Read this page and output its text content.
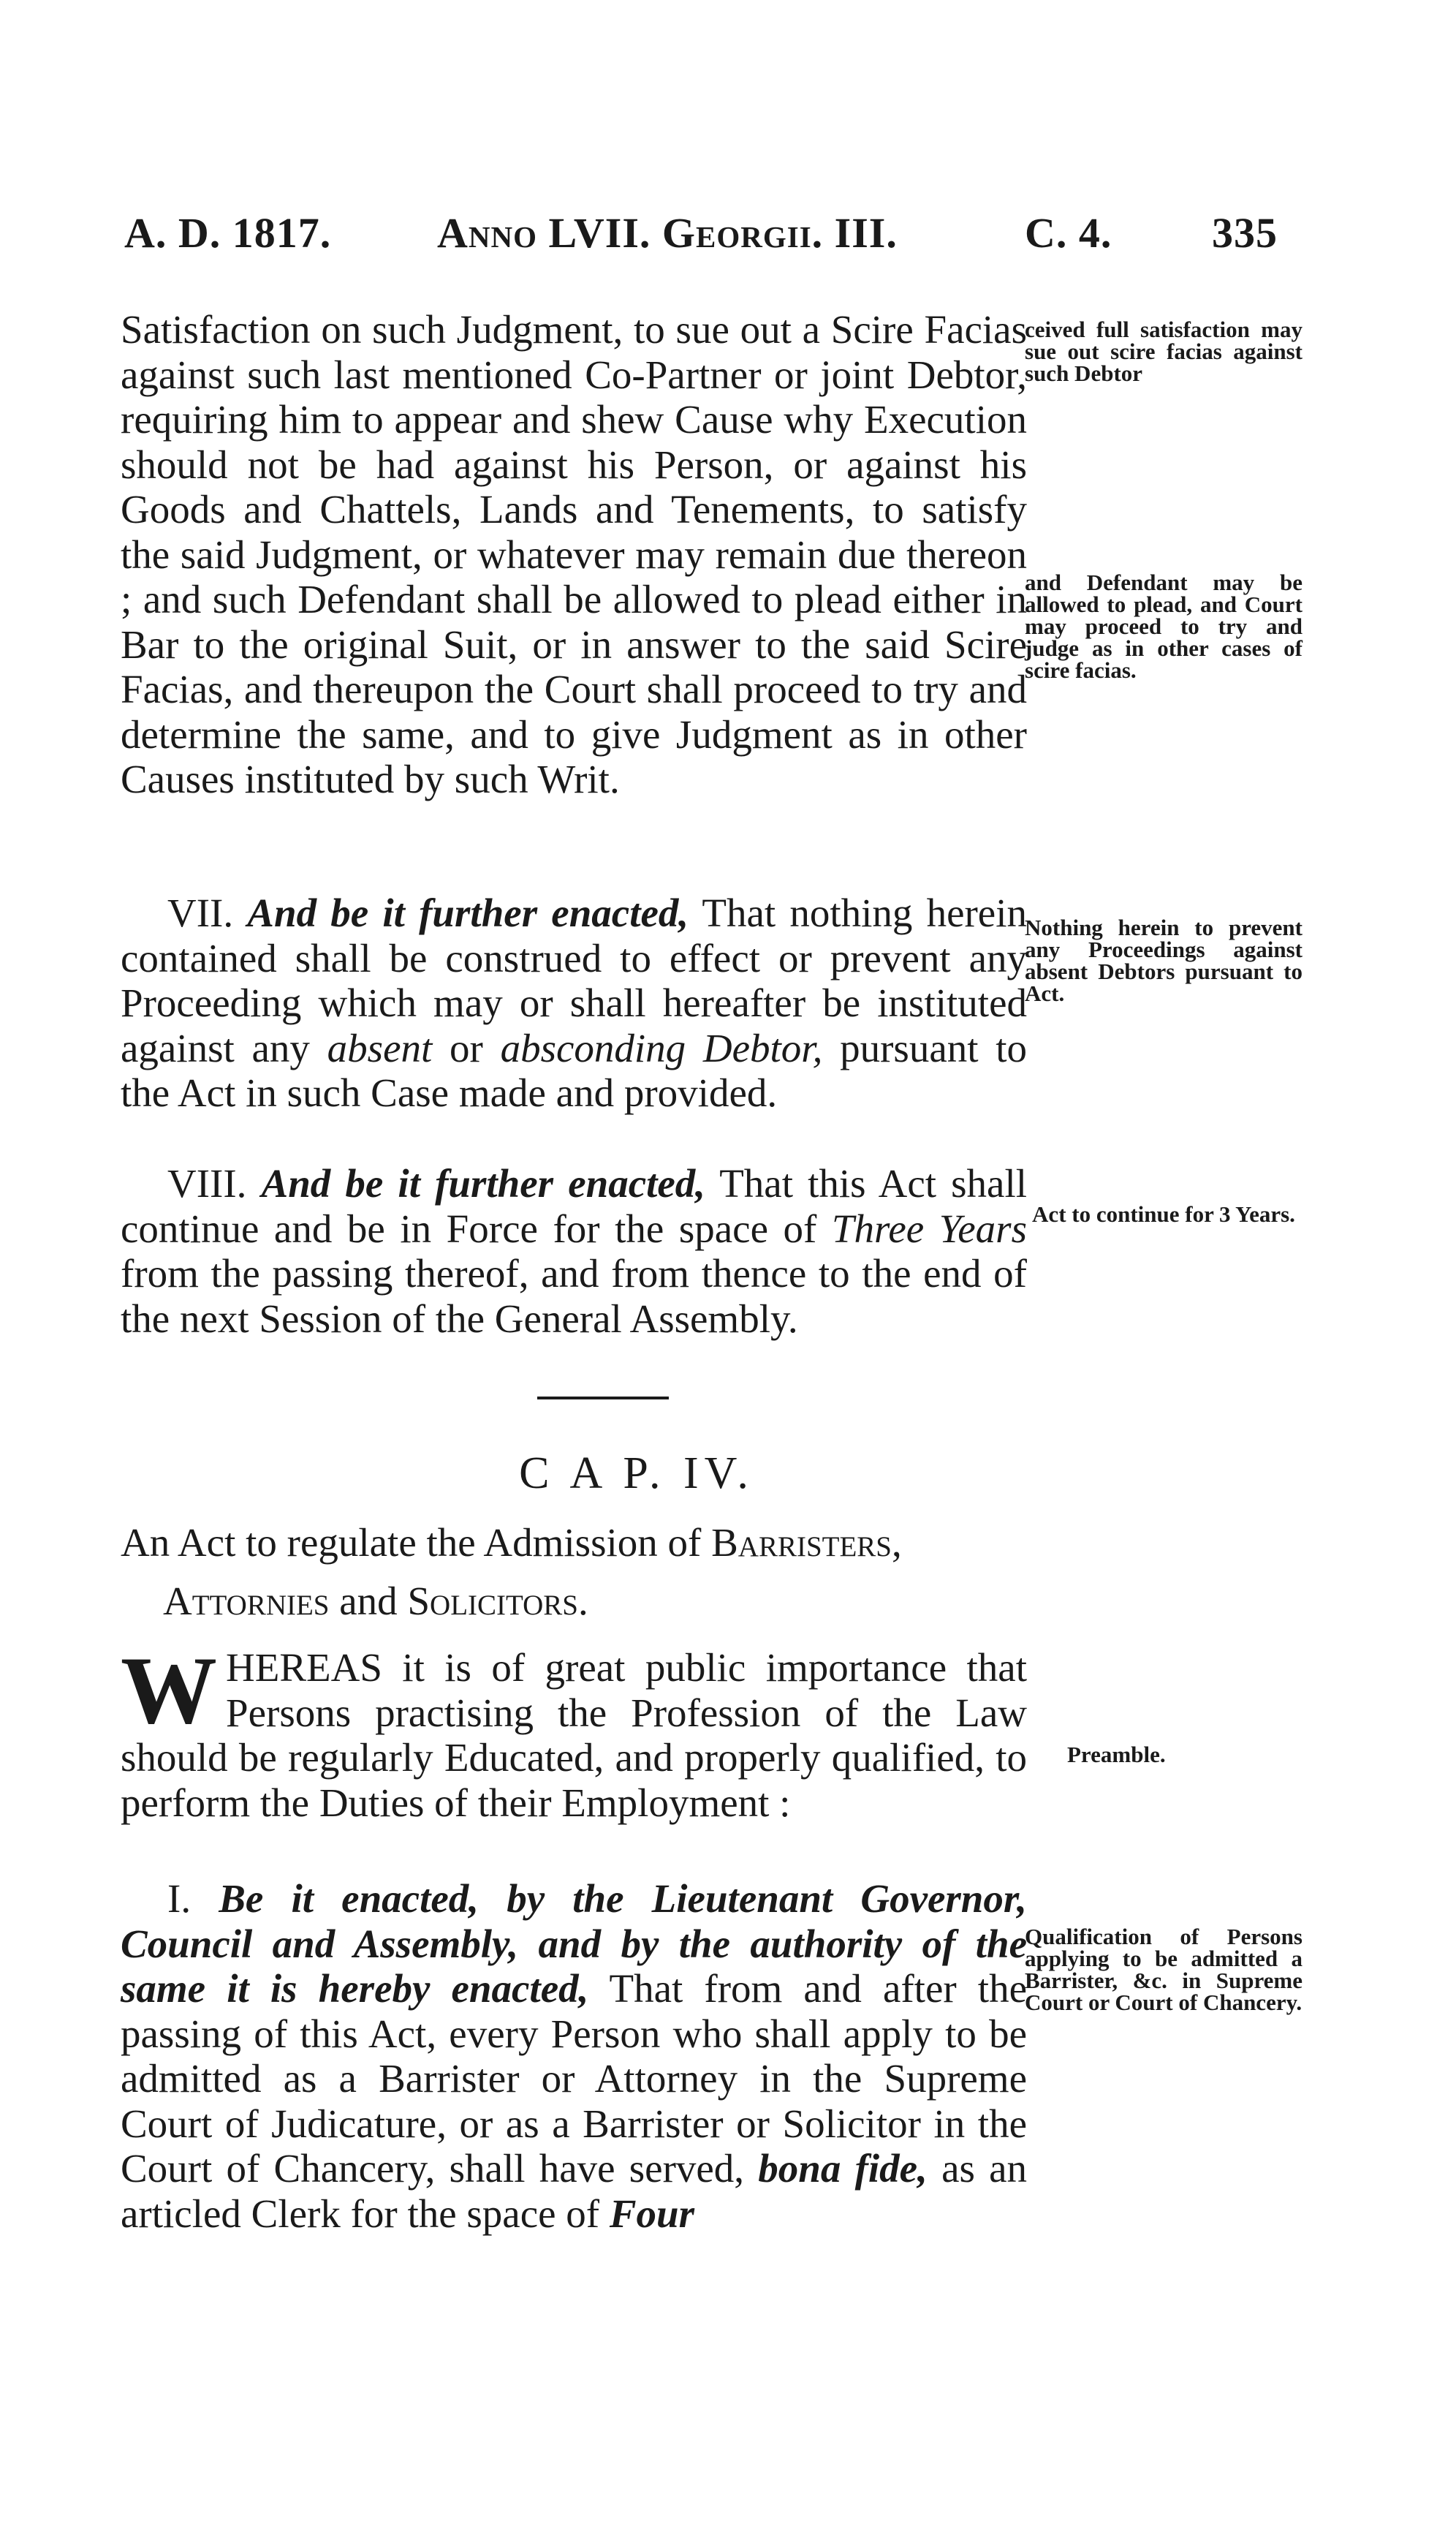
A. D. 1817. Anno LVII. Georgii. III.	C. 4. 335

Satisfaction on such Judgment, to sue out a Scire Facias against such last mentioned Co-Partner or joint Debtor, requiring him to appear and shew Cause why Execution should not be had against his Person, or against his Goods and Chattels, Lands and Tenements, to satisfy the said Judgment, or whatever may remain due thereon ; and such Defendant shall be allowed to plead either in Bar to the original Suit, or in answer to the said Scire Facias, and thereupon the Court shall proceed to try and determine the same, and to give Judgment as in other Causes instituted by such Writ.

VII. And be it further enacted, That nothing herein contained shall be construed to effect or prevent any Proceeding which may or shall hereafter be instituted against any absent or absconding Debtor, pursuant to the Act in such Case made and provided.

VIII. And be it further enacted, That this Act shall continue and be in Force for the space of Three Years from the passing thereof, and from thence to the end of the next Session of the General Assembly.

C A P. IV.
An Act to regulate the Admission of Barristers,
Attornies and Solicitors.

W HEREAS it is of great public importance that Persons practising the Profession of the Law should be regularly Educated, and properly qualified, to perform the Duties of their Employment :

I. Be it enacted, by the Lieutenant Governor, Council and Assembly, and by the authority of the same it is hereby enacted, That from and after the passing of this Act, every Person who shall apply to be admitted as a Barrister or Attorney in the Supreme Court of Judicature, or as a Barrister or Solicitor in the Court of Chancery, shall have served, bona fide, as an articled Clerk for the space of Four

ceived full satisfaction may sue out scire facias against such Debtor
and Defendant may be allowed to plead, and Court may proceed to try and judge as in other cases of scire facias.
Nothing herein to prevent any Proceedings against absent Debtors pursuant to Act.
Act to continue for 3 Years.
Preamble.
Qualification of Persons applying to be admitted a Barrister, &c. in Supreme Court or Court of Chancery.
